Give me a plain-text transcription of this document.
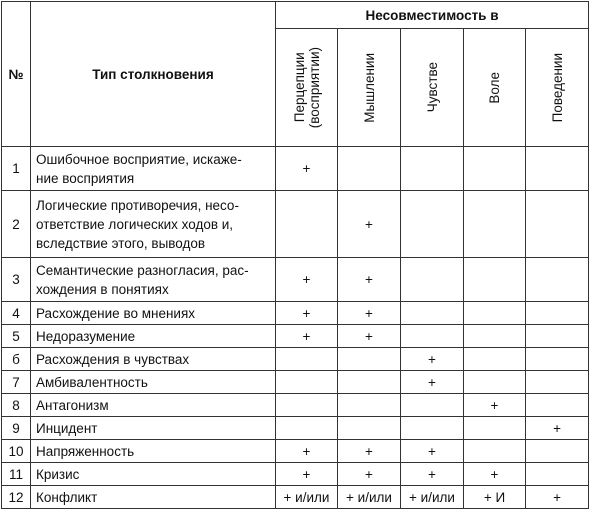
№	Тип столкновения	Несовместимость в				

		Перцепции
(восприятии)	Мышлении	Чувстве	Воле	Поведении

1	Ошибочное восприятие, искаже-
ние восприятия	+				
2	Логические противоречия, несо-
ответствие логических ходов и,
вследствие этого, выводов		+			
3	Семантические разногласия, рас-
хождения в понятиях	+	+			
4	Расхождение во мнениях	+	+			
5	Недоразумение	+	+			
б	Расхождения в чувствах			+		
7	Амбивалентность			+		
8	Антагонизм				+	
9	Инцидент					+
10	Напряженность	+	+	+		
11	Кризис	+	+	+	+	
12	Конфликт	+ и/или	+ и/или	+ и/или	+ И	+
